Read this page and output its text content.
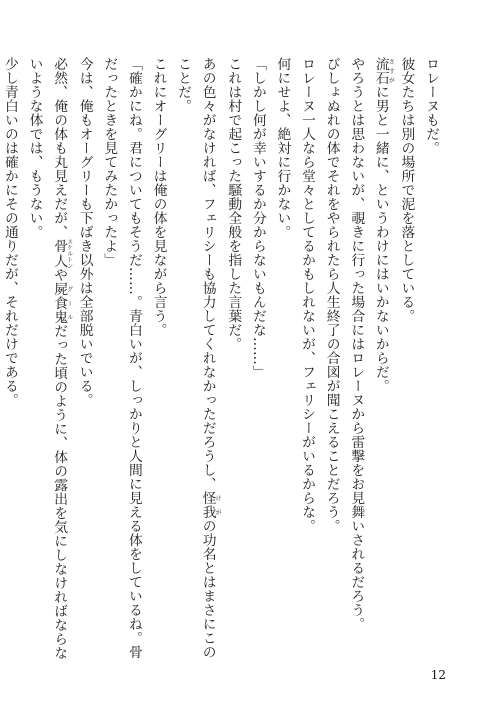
ロレーヌもだ。
彼女たちは別の場所で泥を落としている。
流石さすがに男と一緒に、というわけにはいかないからだ。
やろうとは思わないが、覗きに行った場合にはロレーヌから雷撃をお見舞いされるだろう。
びしょぬれの体でそれをやられたら人生終了の合図が聞こえることだろう。
ロレーヌ一人なら堂々としてるかもしれないが、フェリシーがいるからな。
何にせよ、絶対に行かない。
「しかし何が幸いするか分からないもんだな……」
これは村で起こった騒動全般を指した言葉だ。
あの色々がなければ、フェリシーも協力してくれなかっただろうし、怪我けがの功名とはまさにこの
ことだ。
これにオーグリーは俺の体を見ながら言う。
「確かにね。君についてもそうだ……。青白いが、しっかりと人間に見える体をしているね。骨
だったときを見てみたかったよ」
今は、俺もオーグリーも下ばき以外は全部脱いでいる。
必然、俺の体も丸見えだが、骨人スケルトンや屍食鬼グールだった頃のように、体の露出を気にしなければならな
いような体では、もうない。
少し青白いのは確かにその通りだが、それだけである。
12
